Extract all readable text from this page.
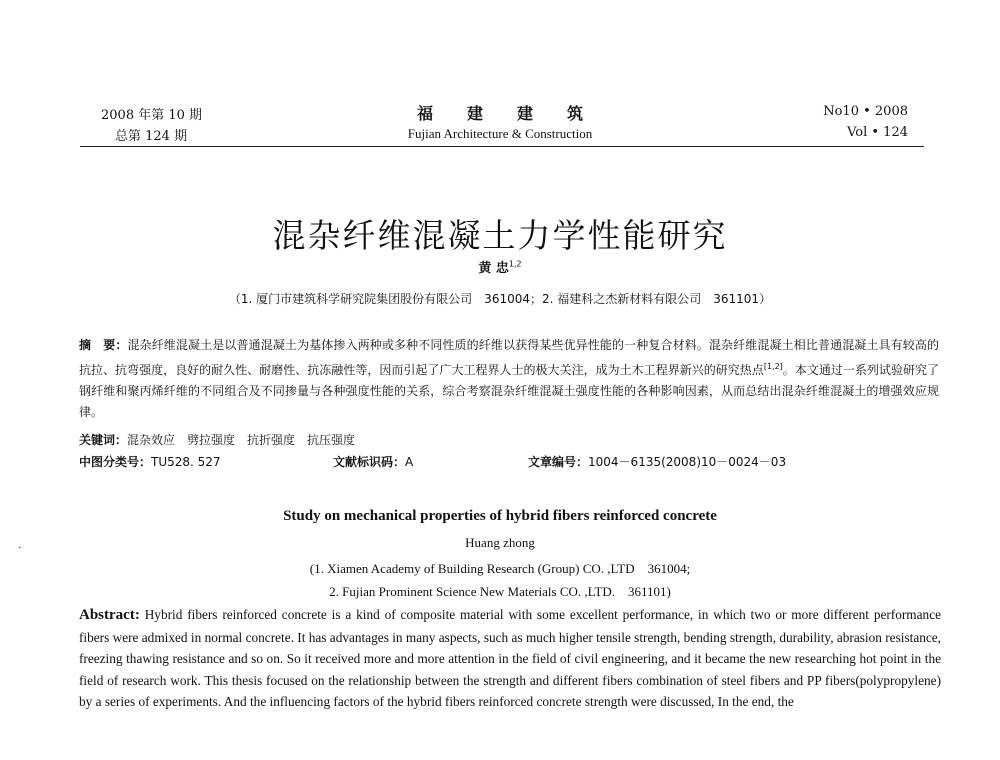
2008 年第 10 期
总第 124 期
福建建筑
Fujian Architecture & Construction
No10 • 2008
Vol • 124
混杂纤维混凝土力学性能研究
黄 忠$^{1,2}$
（1. 厦门市建筑科学研究院集团股份有限公司　361004；2. 福建科之杰新材料有限公司　361101）
摘　要：混杂纤维混凝土是以普通混凝土为基体掺入两种或多种不同性质的纤维以获得某些优异性能的一种复合材料。混杂纤维混凝土相比普通混凝土具有较高的抗拉、抗弯强度，良好的耐久性、耐磨性、抗冻融性等，因而引起了广大工程界人士的极大关注，成为土木工程界新兴的研究热点[1,2]。本文通过一系列试验研究了钢纤维和聚丙烯纤维的不同组合及不同掺量与各种强度性能的关系，综合考察混杂纤维混凝土强度性能的各种影响因素，从而总结出混杂纤维混凝土的增强效应规律。
关键词：混杂效应　劈拉强度　抗折强度　抗压强度
中图分类号：TU528. 527	文献标识码：A	文章编号：1004－6135(2008)10－0024－03
Study on mechanical properties of hybrid fibers reinforced concrete
Huang zhong
(1. Xiamen Academy of Building Research (Group) CO. ,LTD　361004;
2. Fujian Prominent Science New Materials CO. ,LTD.　361101)
Abstract: Hybrid fibers reinforced concrete is a kind of composite material with some excellent performance, in which two or more different performance fibers were admixed in normal concrete. It has advantages in many aspects, such as much higher tensile strength, bending strength, durability, abrasion resistance, freezing thawing resistance and so on. So it received more and more attention in the field of civil engineering, and it became the new researching hot point in the field of research work. This thesis focused on the relationship between the strength and different fibers combination of steel fibers and PP fibers(polypropylene) by a series of experiments. And the influencing factors of the hybrid fibers reinforced concrete strength were discussed, In the end, the
·
